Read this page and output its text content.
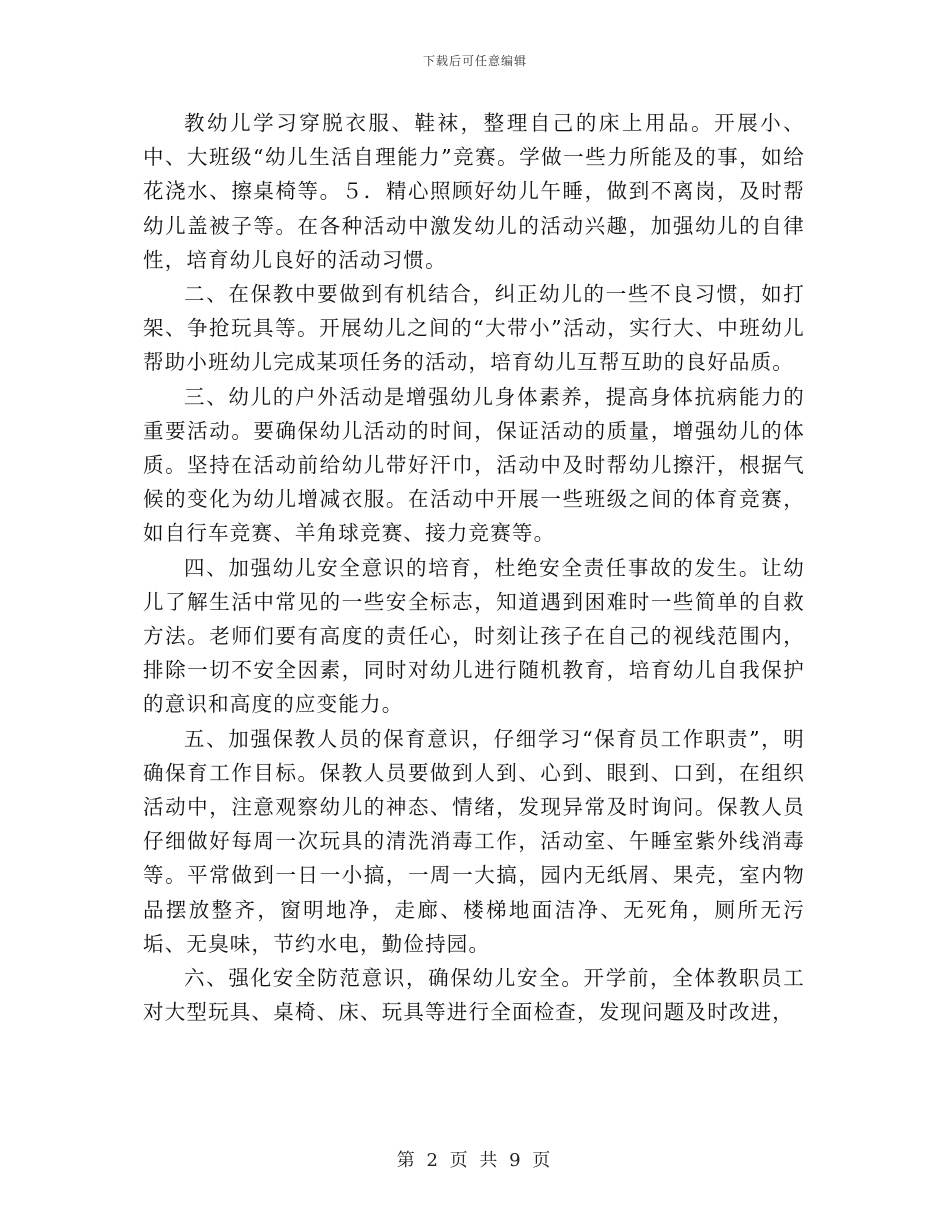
下载后可任意编辑

教幼儿学习穿脱衣服、鞋袜，整理自己的床上用品。开展小、中、大班级“幼儿生活自理能力”竞赛。学做一些力所能及的事，如给花浇水、擦桌椅等。５．精心照顾好幼儿午睡，做到不离岗，及时帮幼儿盖被子等。在各种活动中激发幼儿的活动兴趣，加强幼儿的自律性，培育幼儿良好的活动习惯。

二、在保教中要做到有机结合，纠正幼儿的一些不良习惯，如打架、争抢玩具等。开展幼儿之间的“大带小”活动，实行大、中班幼儿帮助小班幼儿完成某项任务的活动，培育幼儿互帮互助的良好品质。

三、幼儿的户外活动是增强幼儿身体素养，提高身体抗病能力的重要活动。要确保幼儿活动的时间，保证活动的质量，增强幼儿的体质。坚持在活动前给幼儿带好汗巾，活动中及时帮幼儿擦汗，根据气候的变化为幼儿增减衣服。在活动中开展一些班级之间的体育竞赛，如自行车竞赛、羊角球竞赛、接力竞赛等。

四、加强幼儿安全意识的培育，杜绝安全责任事故的发生。让幼儿了解生活中常见的一些安全标志，知道遇到困难时一些简单的自救方法。老师们要有高度的责任心，时刻让孩子在自己的视线范围内，排除一切不安全因素，同时对幼儿进行随机教育，培育幼儿自我保护的意识和高度的应变能力。

五、加强保教人员的保育意识，仔细学习“保育员工作职责”，明确保育工作目标。保教人员要做到人到、心到、眼到、口到，在组织活动中，注意观察幼儿的神态、情绪，发现异常及时询问。保教人员仔细做好每周一次玩具的清洗消毒工作，活动室、午睡室紫外线消毒等。平常做到一日一小搞，一周一大搞，园内无纸屑、果壳，室内物品摆放整齐，窗明地净，走廊、楼梯地面洁净、无死角，厕所无污垢、无臭味，节约水电，勤俭持园。

六、强化安全防范意识，确保幼儿安全。开学前，全体教职员工对大型玩具、桌椅、床、玩具等进行全面检查，发现问题及时改进，

第 2 页 共 9 页
